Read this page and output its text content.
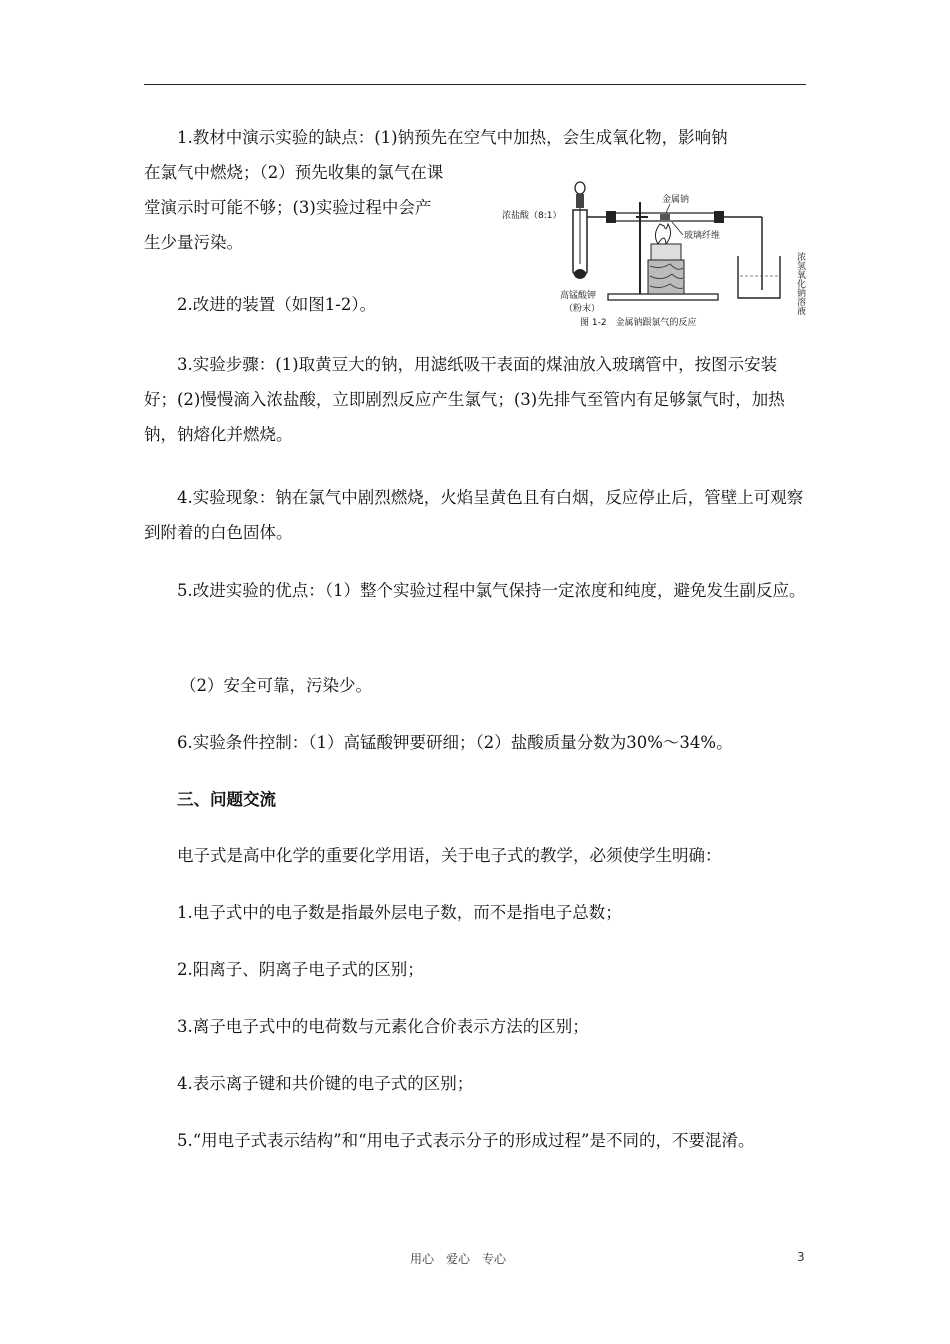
1.教材中演示实验的缺点：(1)钠预先在空气中加热，会生成氧化物，影响钠

在氯气中燃烧；（2）预先收集的氯气在课

堂演示时可能不够；(3)实验过程中会产

生少量污染。

2.改进的装置（如图1-2）。

浓盐酸（8:1）
高锰酸钾
（粉末）
金属钠
玻璃纤维
浓氢氧化钠溶液
图 1-2　金属钠跟氯气的反应

3.实验步骤：(1)取黄豆大的钠，用滤纸吸干表面的煤油放入玻璃管中，按图示安装好；(2)慢慢滴入浓盐酸，立即剧烈反应产生氯气；(3)先排气至管内有足够氯气时，加热钠，钠熔化并燃烧。

4.实验现象：钠在氯气中剧烈燃烧，火焰呈黄色且有白烟，反应停止后，管壁上可观察到附着的白色固体。

5.改进实验的优点：（1）整个实验过程中氯气保持一定浓度和纯度，避免发生副反应。

（2）安全可靠，污染少。

6.实验条件控制：（1）高锰酸钾要研细；（2）盐酸质量分数为30%～34%。

三、问题交流

电子式是高中化学的重要化学用语，关于电子式的教学，必须使学生明确：

1.电子式中的电子数是指最外层电子数，而不是指电子总数；

2.阳离子、阴离子电子式的区别；

3.离子电子式中的电荷数与元素化合价表示方法的区别；

4.表示离子键和共价键的电子式的区别；

5.“用电子式表示结构”和“用电子式表示分子的形成过程”是不同的，不要混淆。

用心　爱心　专心	3
